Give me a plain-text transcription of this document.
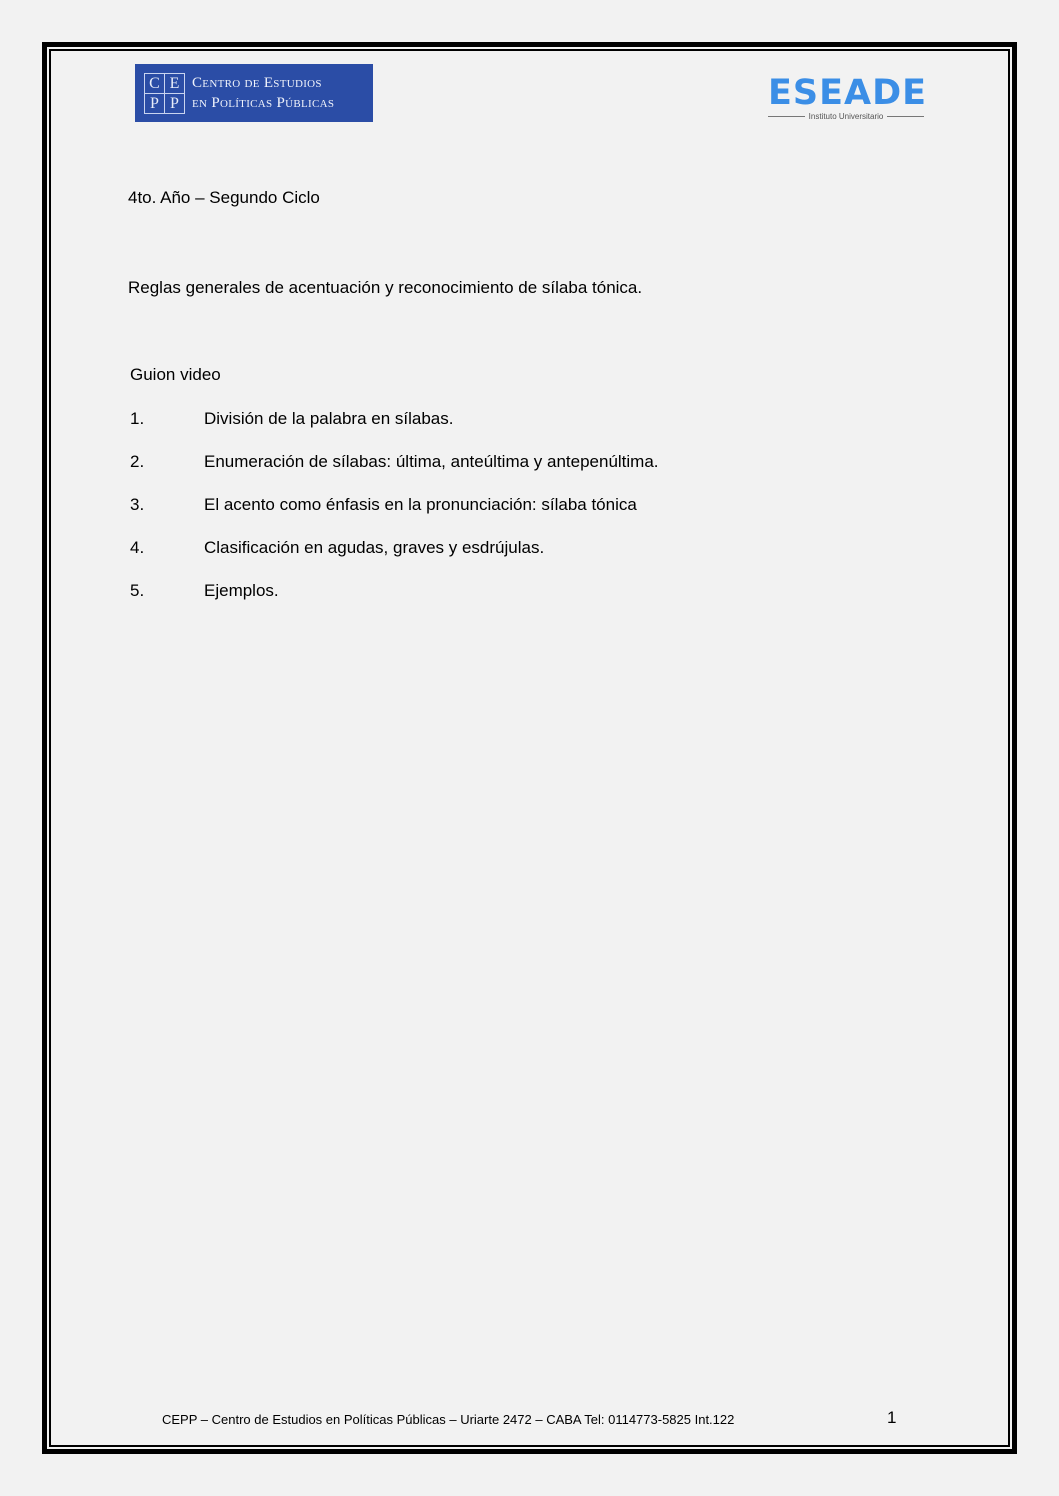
C E
P P
Centro de Estudios
en Políticas Públicas	ESEADE
Instituto Universitario
4to. Año – Segundo Ciclo
Reglas generales de acentuación y reconocimiento de sílaba tónica.
Guion video
1.	División de la palabra en sílabas.
2.	Enumeración de sílabas: última, anteúltima y antepenúltima.
3.	El acento como énfasis en la pronunciación: sílaba tónica
4.	Clasificación en agudas, graves y esdrújulas.
5.	Ejemplos.
CEPP – Centro de Estudios en Políticas Públicas – Uriarte 2472 – CABA Tel: 0114773-5825 Int.122	1
